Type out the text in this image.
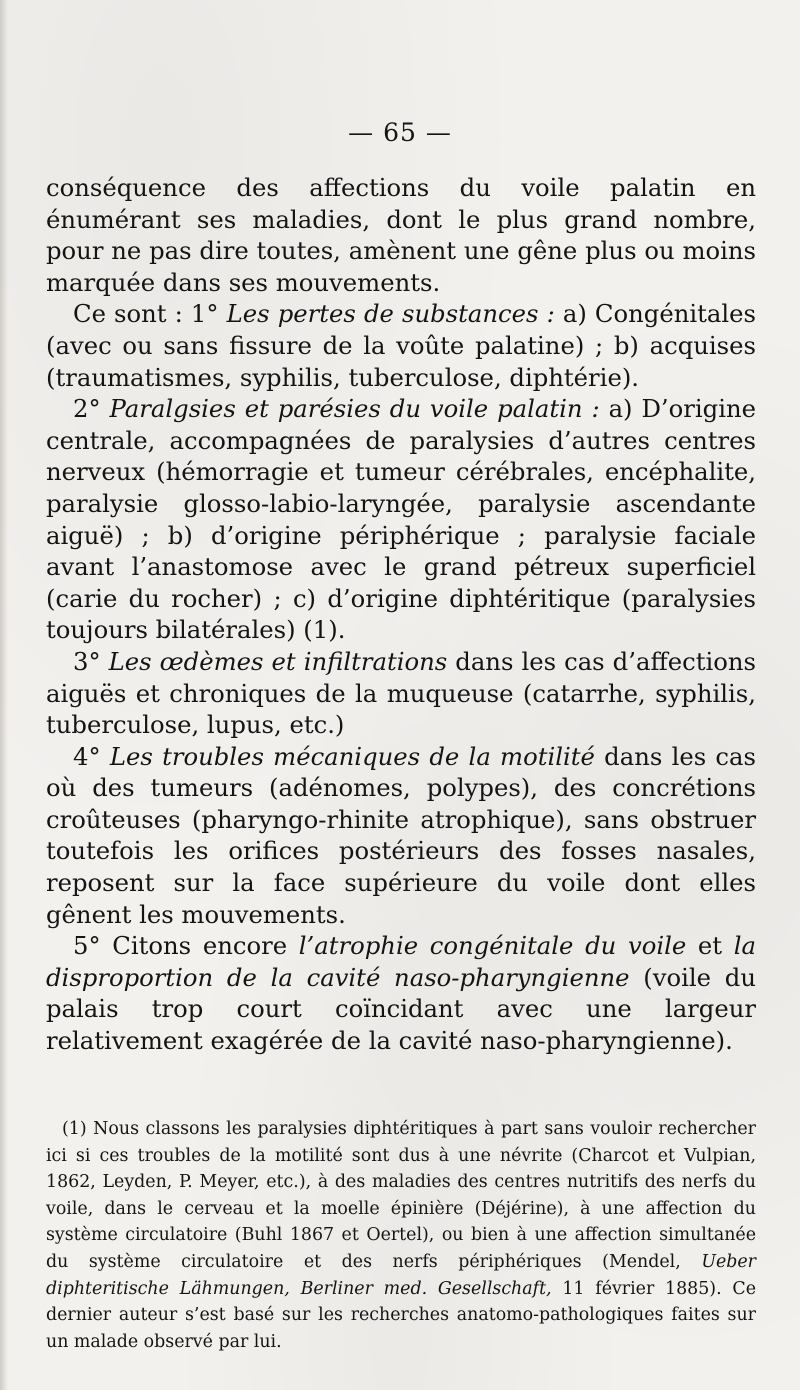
— 65 —

conséquence des affections du voile palatin en énumérant ses maladies, dont le plus grand nombre, pour ne pas dire toutes, amènent une gêne plus ou moins marquée dans ses mouvements.

Ce sont : 1° Les pertes de substances : a) Congénitales (avec ou sans fissure de la voûte palatine) ; b) acquises (traumatismes, syphilis, tuberculose, diphtérie).

2° Paralgsies et parésies du voile palatin : a) D’origine centrale, accompagnées de paralysies d’autres centres nerveux (hémorragie et tumeur cérébrales, encéphalite, paralysie glosso-labio-laryngée, paralysie ascendante aiguë) ; b) d’origine périphérique ; paralysie faciale avant l’anastomose avec le grand pétreux superficiel (carie du rocher) ; c) d’origine diphtéritique (paralysies toujours bilatérales) (1).

3° Les œdèmes et infiltrations dans les cas d’affections aiguës et chroniques de la muqueuse (catarrhe, syphilis, tuberculose, lupus, etc.)

4° Les troubles mécaniques de la motilité dans les cas où des tumeurs (adénomes, polypes), des concrétions croûteuses (pharyngo-rhinite atrophique), sans obstruer toutefois les orifices postérieurs des fosses nasales, reposent sur la face supérieure du voile dont elles gênent les mouvements.

5° Citons encore l’atrophie congénitale du voile et la disproportion de la cavité naso-pharyngienne (voile du palais trop court coïncidant avec une largeur relativement exagérée de la cavité naso-pharyngienne).

(1) Nous classons les paralysies diphtéritiques à part sans vouloir rechercher ici si ces troubles de la motilité sont dus à une névrite (Charcot et Vulpian, 1862, Leyden, P. Meyer, etc.), à des maladies des centres nutritifs des nerfs du voile, dans le cerveau et la moelle épinière (Déjérine), à une affection du système circulatoire (Buhl 1867 et Oertel), ou bien à une affection simultanée du système circulatoire et des nerfs périphériques (Mendel, Ueber diphteritische Lähmungen, Berliner med. Gesellschaft, 11 février 1885). Ce dernier auteur s’est basé sur les recherches anatomo-pathologiques faites sur un malade observé par lui.
